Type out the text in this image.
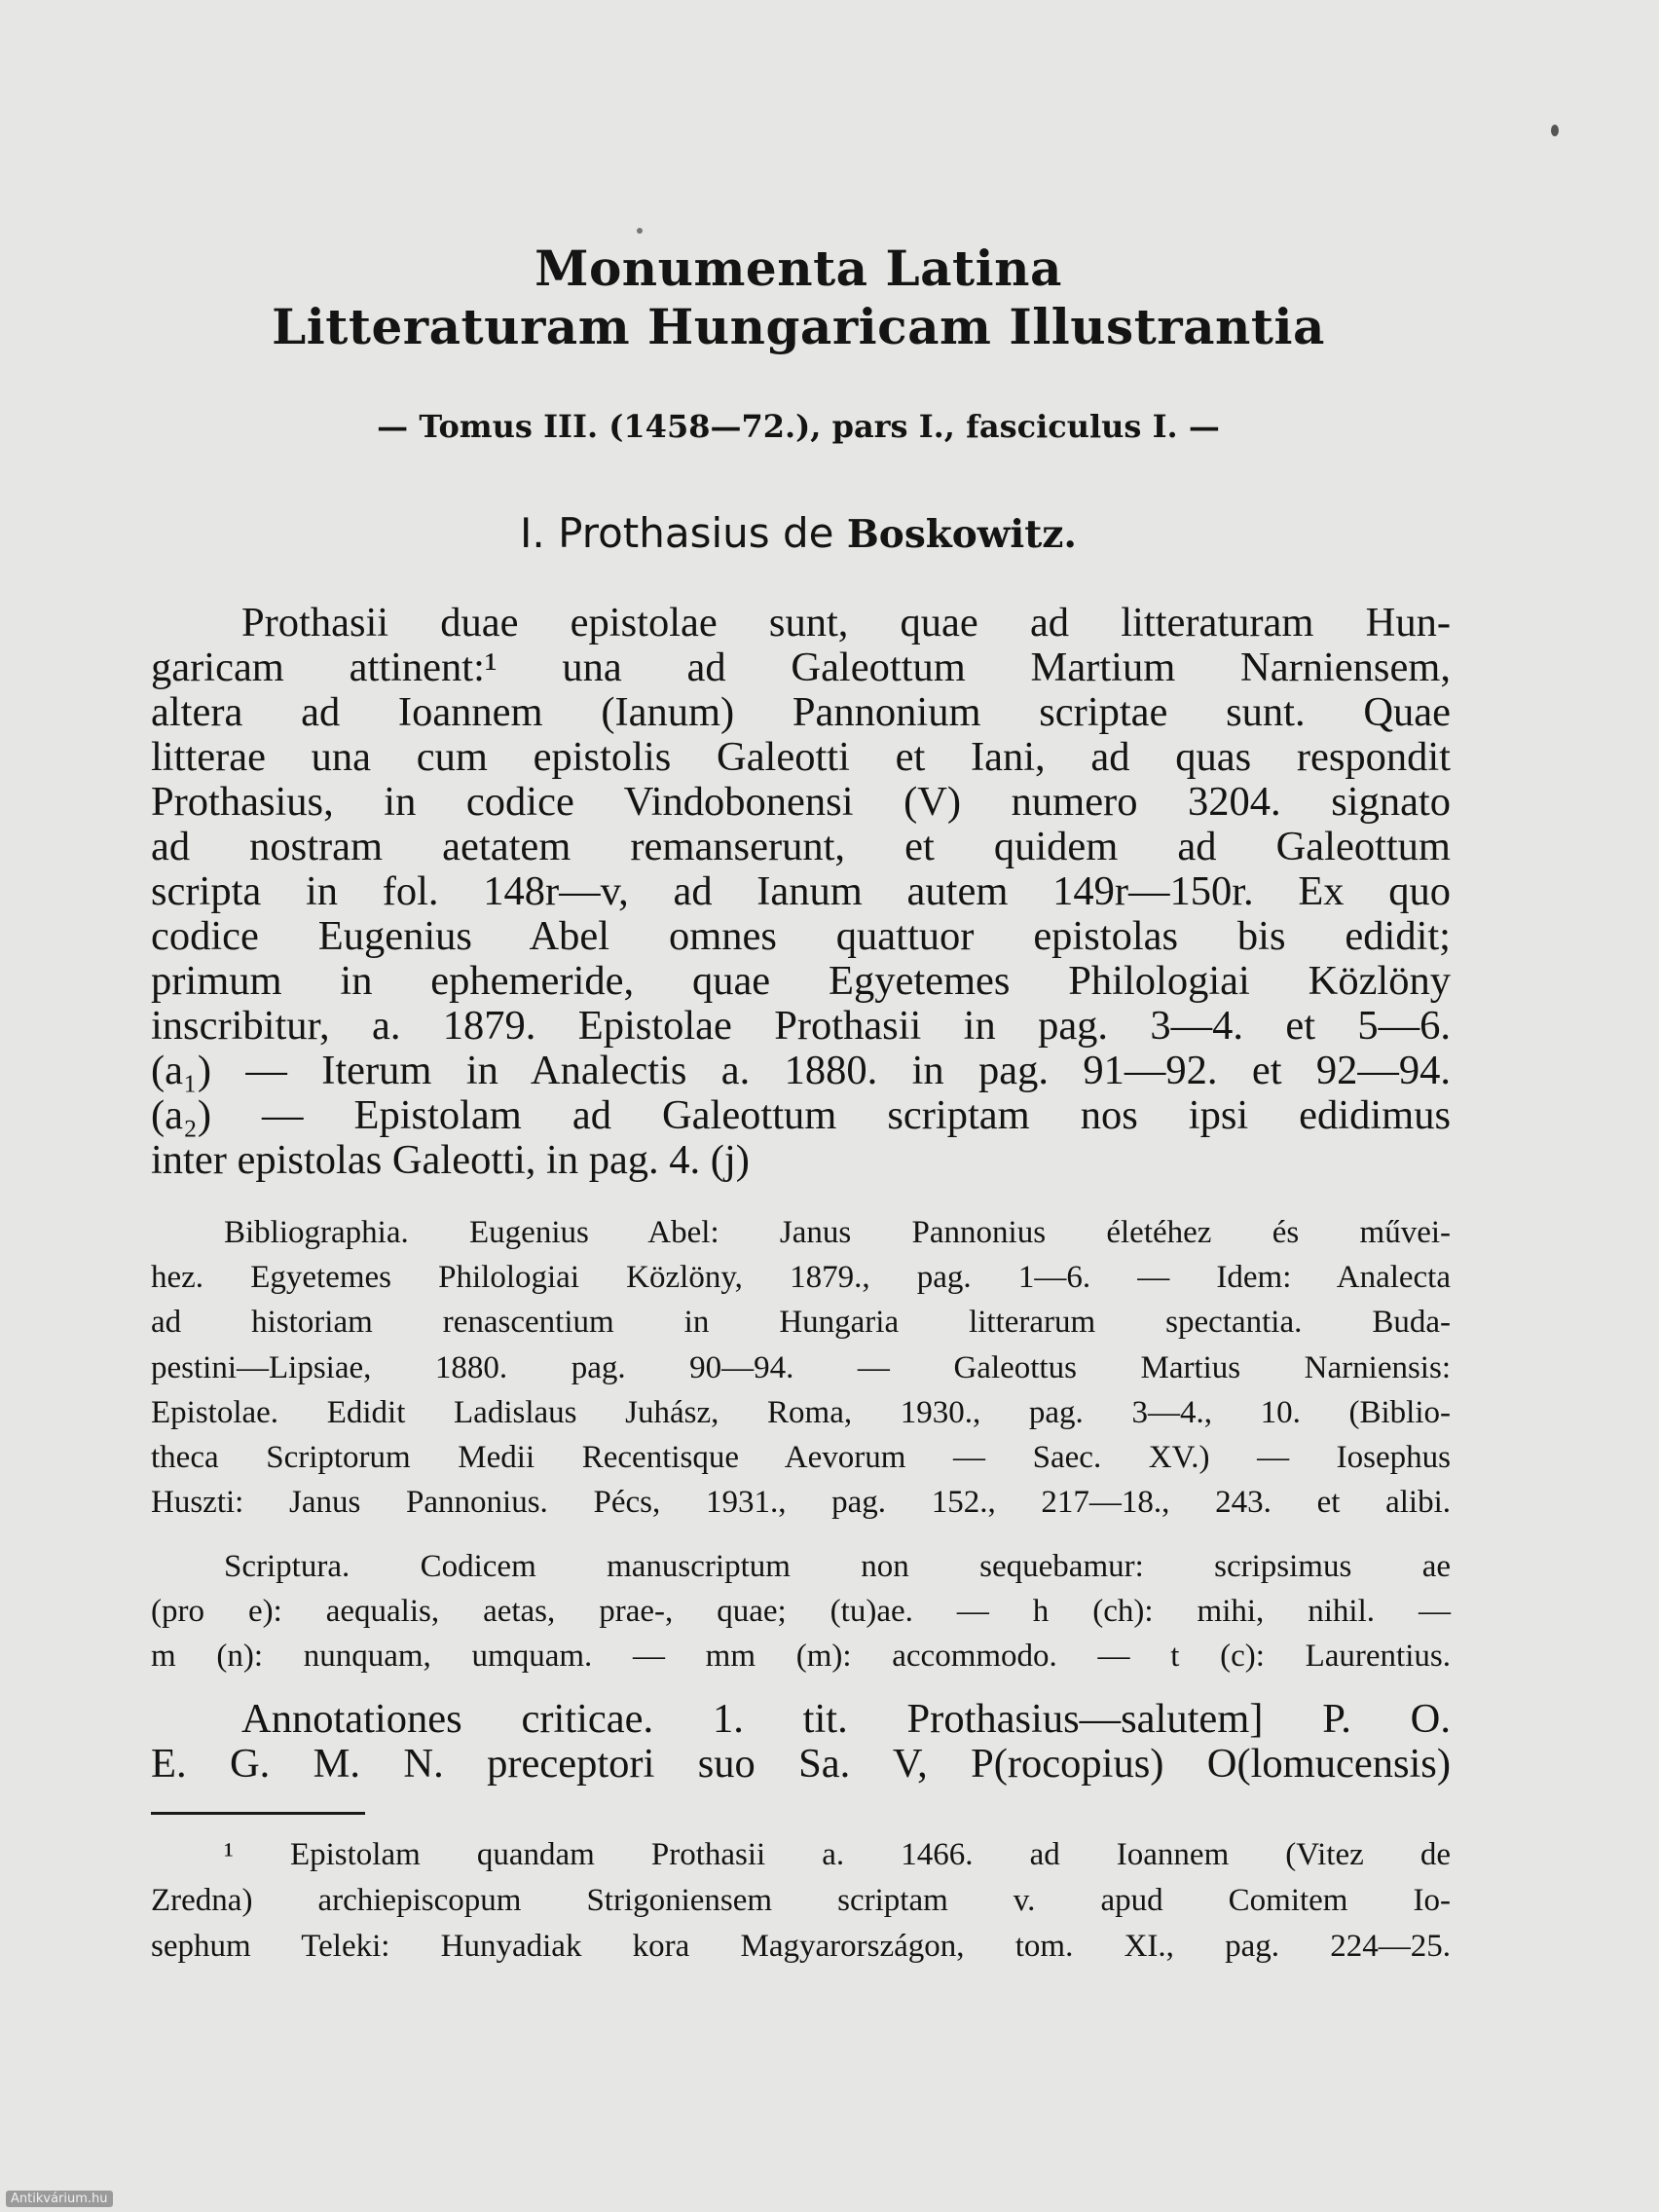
Monumenta Latina
Litteraturam Hungaricam Illustrantia
— Tomus III. (1458—72.), pars I., fasciculus I. —
I. Prothasius de Boskowitz.
Prothasii duae epistolae sunt, quae ad litteraturam Hun-
garicam attinent:¹ una ad Galeottum Martium Narniensem,
altera ad Ioannem (Ianum) Pannonium scriptae sunt. Quae
litterae una cum epistolis Galeotti et Iani, ad quas respondit
Prothasius, in codice Vindobonensi (V) numero 3204. signato
ad nostram aetatem remanserunt, et quidem ad Galeottum
scripta in fol. 148r—v, ad Ianum autem 149r—150r. Ex quo
codice Eugenius Abel omnes quattuor epistolas bis edidit;
primum in ephemeride, quae Egyetemes Philologiai Közlöny
inscribitur, a. 1879. Epistolae Prothasii in pag. 3—4. et 5—6.
(a₁) — Iterum in Analectis a. 1880. in pag. 91—92. et 92—94.
(a₂) — Epistolam ad Galeottum scriptam nos ipsi edidimus
inter epistolas Galeotti, in pag. 4. (j)
Bibliographia. Eugenius Abel: Janus Pannonius életéhez és művei-
hez. Egyetemes Philologiai Közlöny, 1879., pag. 1—6. — Idem: Analecta
ad historiam renascentium in Hungaria litterarum spectantia. Buda-
pestini—Lipsiae, 1880. pag. 90—94. — Galeottus Martius Narniensis:
Epistolae. Edidit Ladislaus Juhász, Roma, 1930., pag. 3—4., 10. (Biblio-
theca Scriptorum Medii Recentisque Aevorum — Saec. XV.) — Iosephus
Huszti: Janus Pannonius. Pécs, 1931., pag. 152., 217—18., 243. et alibi.
Scriptura. Codicem manuscriptum non sequebamur: scripsimus ae
(pro e): aequalis, aetas, prae-, quae; (tu)ae. — h (ch): mihi, nihil. —
m (n): nunquam, umquam. — mm (m): accommodo. — t (c): Laurentius.
Annotationes criticae. 1. tit. Prothasius—salutem] P. O.
E. G. M. N. preceptori suo Sa. V, P(rocopius) O(lomucensis)
¹ Epistolam quandam Prothasii a. 1466. ad Ioannem (Vitez de
Zredna) archiepiscopum Strigoniensem scriptam v. apud Comitem Io-
sephum Teleki: Hunyadiak kora Magyarországon, tom. XI., pag. 224—25.
Antikvárium.hu
